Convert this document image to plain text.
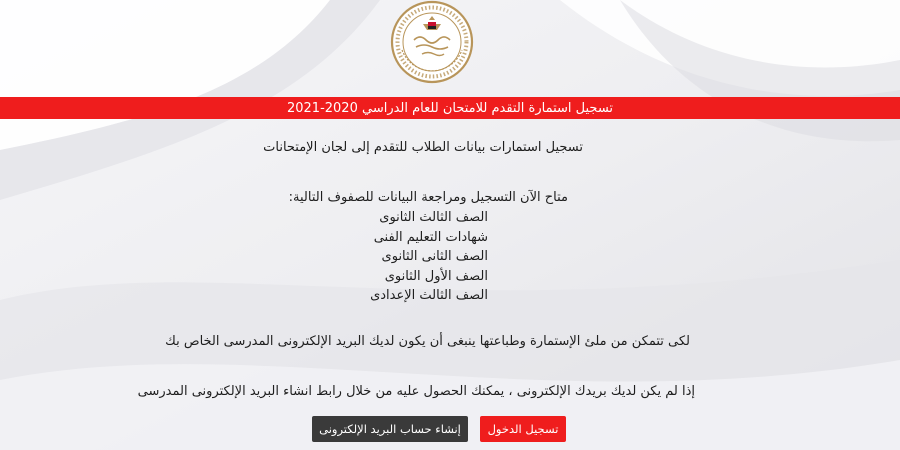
تسجيل استمارة التقدم للامتحان للعام الدراسي 2020-2021
تسجيل استمارات بيانات الطلاب للتقدم إلى لجان الإمتحانات
متاح الآن التسجيل ومراجعة البيانات للصفوف التالية:
الصف الثالث الثانوى
شهادات التعليم الفنى
الصف الثانى الثانوى
الصف الأول الثانوى
الصف الثالث الإعدادى
لكى تتمكن من ملئ الإستمارة وطباعتها ينبغى أن يكون لديك البريد الإلكترونى المدرسى الخاص بك
إذا لم يكن لديك بريدك الإلكترونى ، يمكنك الحصول عليه من خلال رابط انشاء البريد الإلكترونى المدرسى
تسجيل الدخول
إنشاء حساب البريد الإلكترونى
